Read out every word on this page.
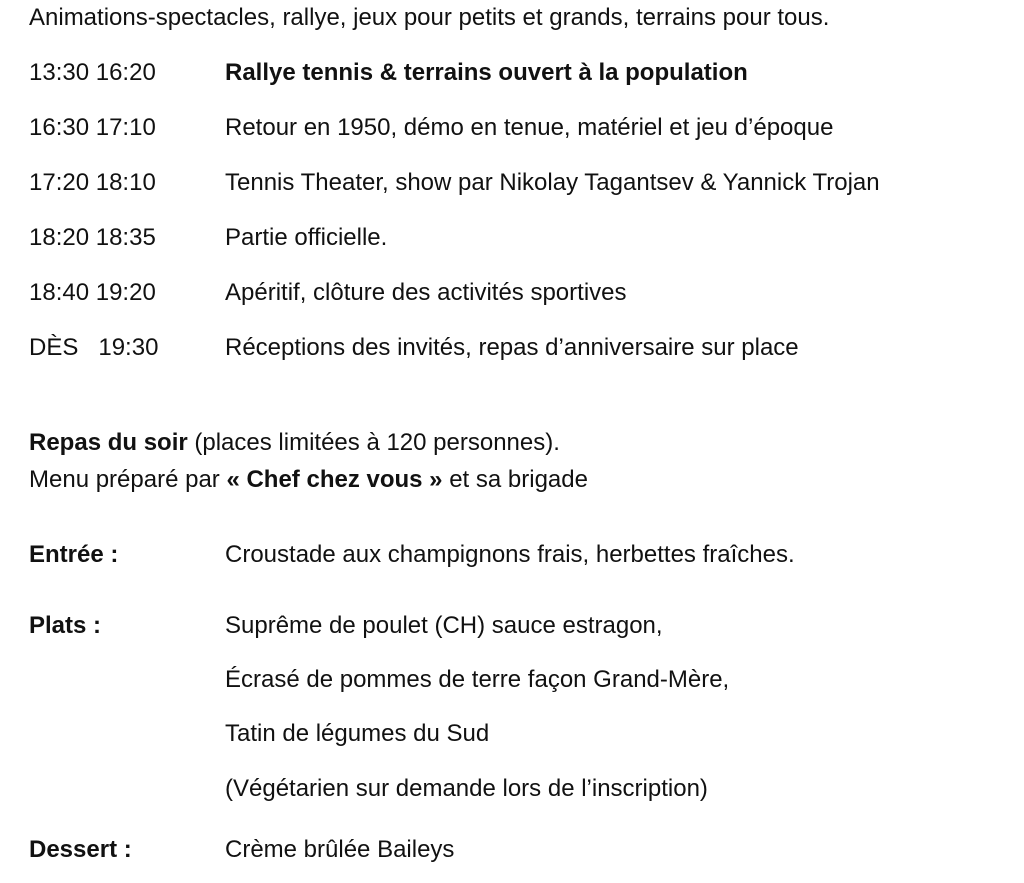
Animations-spectacles, rallye, jeux pour petits et grands, terrains pour tous.
13:30 16:20	Rallye tennis & terrains ouvert à la population
16:30 17:10	Retour en 1950, démo en tenue, matériel et jeu d’époque
17:20 18:10	Tennis Theater, show par Nikolay Tagantsev & Yannick Trojan
18:20 18:35	Partie officielle.
18:40 19:20	Apéritif, clôture des activités sportives
DÈS   19:30	Réceptions des invités, repas d’anniversaire sur place
Repas du soir (places limitées à 120 personnes).
Menu préparé par « Chef chez vous » et sa brigade
Entrée :	Croustade aux champignons frais, herbettes fraîches.
Plats :	Suprême de poulet (CH) sauce estragon,
Écrasé de pommes de terre façon Grand-Mère,
Tatin de légumes du Sud
(Végétarien sur demande lors de l’inscription)
Dessert :	Crème brûlée Baileys
